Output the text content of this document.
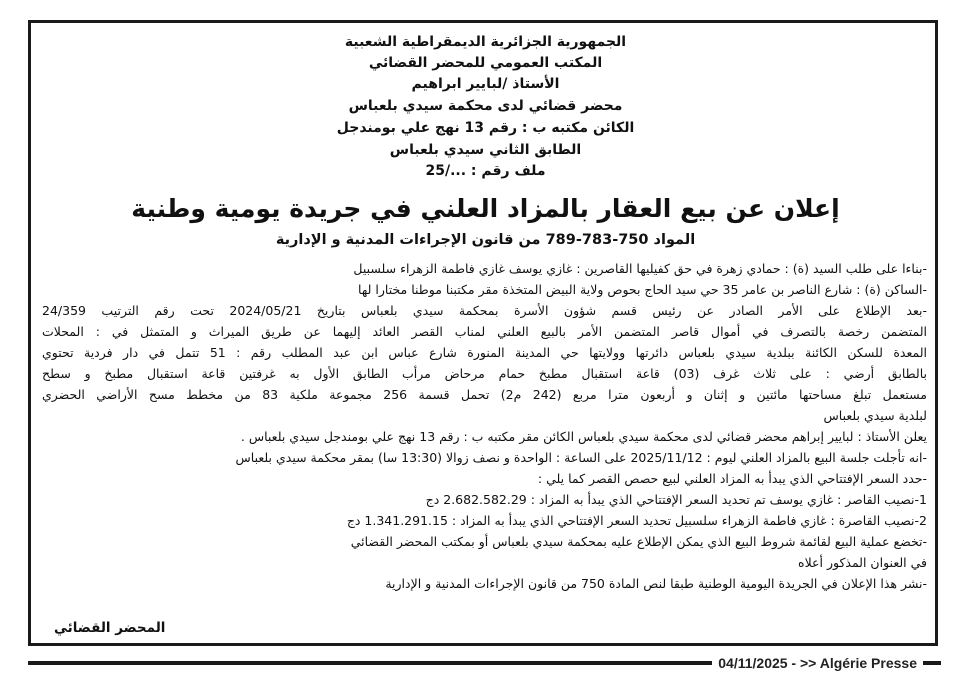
الجمهورية الجزائرية الديمقراطية الشعبية
المكتب العمومي للمحضر القضائي
الأستاذ /لبايير ابراهيم
محضر قضائي لدى محكمة سيدي بلعباس
الكائن مكتبه ب : رقم 13 نهج علي بومندجل
الطابق الثاني سيدي بلعباس
ملف رقم : .../25
إعلان عن بيع العقار بالمزاد العلني في جريدة يومية وطنية
المواد 750-783-789 من قانون الإجراءات المدنية و الإدارية
-بناءا على طلب السيد (ة) : حمادي زهرة في حق كفيليها القاصرين : غازي يوسف غازي فاطمة الزهراء سلسبيل
-الساكن (ة) : شارع الناصر بن عامر 35 حي سيد الحاج بحوص ولاية البيض المتخذة مقر مكتبنا موطنا مختارا لها
-بعد الإطلاع على الأمر الصادر عن رئيس قسم شؤون الأسرة بمحكمة سيدي بلعباس بتاريخ 2024/05/21 تحت رقم الترتيب 24/359
المتضمن رخصة بالتصرف في أموال قاصر المتضمن الأمر بالبيع العلني لمناب القصر العائد إليهما عن طريق الميراث و المتمثل في : المحلات
المعدة للسكن الكائنة ببلدية سيدي بلعباس دائرتها وولايتها حي المدينة المنورة شارع عباس ابن عبد المطلب رقم : 51 تتمل في دار فردية تحتوي
بالطابق أرضي : على ثلاث غرف (03) قاعة استقبال مطبخ حمام مرحاض مرأب الطابق الأول به غرفتين قاعة استقبال مطبخ و سطح
مستعمل تبلغ مساحتها مائتين و إثنان و أربعون مترا مربع (242 م2) تحمل قسمة 256 مجموعة ملكية 83 من مخطط مسح الأراضي الحضري
لبلدية سيدي بلعباس
يعلن الأستاذ : لبايير إبراهم محضر قضائي لدى محكمة سيدي بلعباس الكائن مقر مكتبه ب : رقم 13 نهج علي بومندجل سيدي بلعباس .
-انه تأجلت جلسة البيع بالمزاد العلني ليوم : 2025/11/12 على الساعة : الواحدة و نصف زوالا (13:30 سا) بمقر محكمة سيدي بلعباس
-حدد السعر الإفتتاحي الذي يبدأ به المزاد العلني لبيع حصص القصر كما يلي :
1-نصيب القاصر : غازي يوسف تم تحديد السعر الإفتتاحي الذي يبدأ به المزاد : 2.682.582.29 دج
2-نصيب القاصرة : غازي فاطمة الزهراء سلسبيل تحديد السعر الإفتتاحي الذي يبدأ به المزاد : 1.341.291.15 دج
-تخضع عملية البيع لقائمة شروط البيع الذي يمكن الإطلاع عليه بمحكمة سيدي بلعباس أو بمكتب المحضر القضائي
في العنوان المذكور أعلاه
-نشر هذا الإعلان في الجريدة اليومية الوطنية طبقا لنص المادة 750 من قانون الإجراءات المدنية و الإدارية
المحضر القضائي
04/11/2025 - >> Algérie Presse
